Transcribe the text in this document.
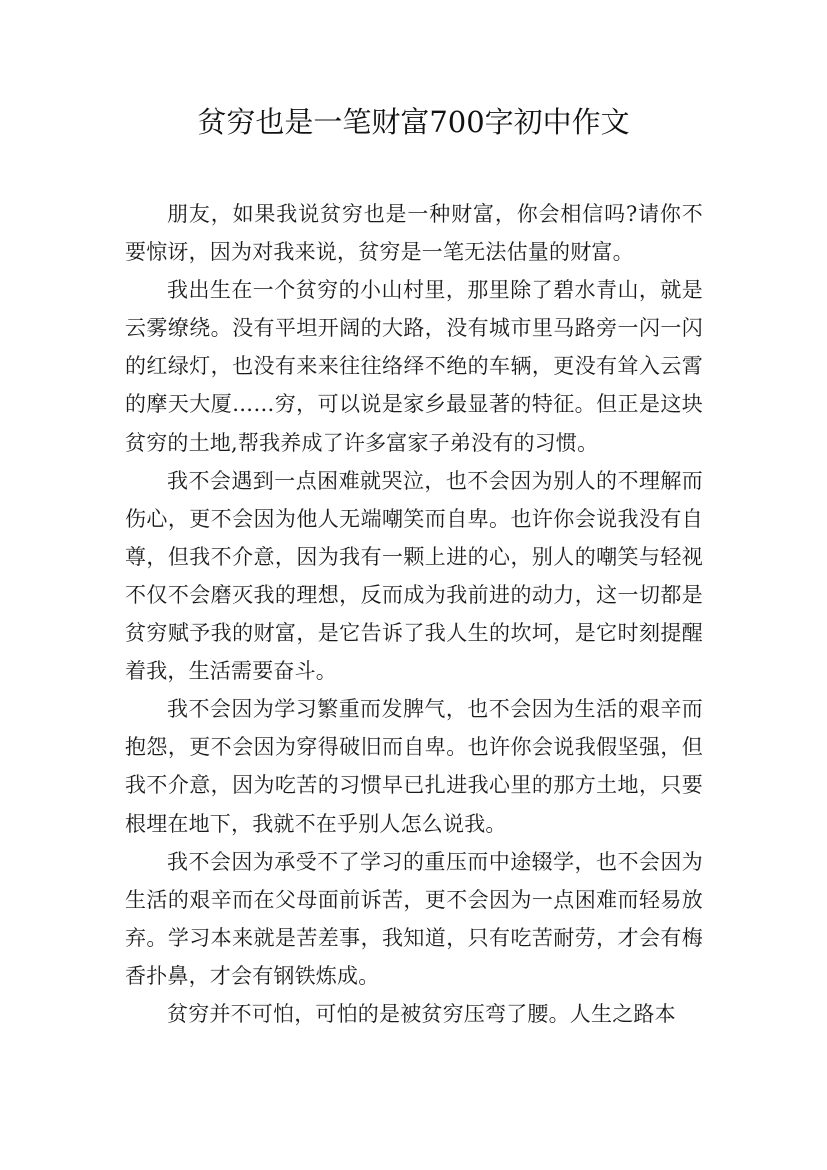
贫穷也是一笔财富700字初中作文

朋友，如果我说贫穷也是一种财富，你会相信吗?请你不要惊讶，因为对我来说，贫穷是一笔无法估量的财富。

我出生在一个贫穷的小山村里，那里除了碧水青山，就是云雾缭绕。没有平坦开阔的大路，没有城市里马路旁一闪一闪的红绿灯，也没有来来往往络绎不绝的车辆，更没有耸入云霄的摩天大厦……穷，可以说是家乡最显著的特征。但正是这块贫穷的土地,帮我养成了许多富家子弟没有的习惯。

我不会遇到一点困难就哭泣，也不会因为别人的不理解而伤心，更不会因为他人无端嘲笑而自卑。也许你会说我没有自尊，但我不介意，因为我有一颗上进的心，别人的嘲笑与轻视不仅不会磨灭我的理想，反而成为我前进的动力，这一切都是贫穷赋予我的财富，是它告诉了我人生的坎坷，是它时刻提醒着我，生活需要奋斗。

我不会因为学习繁重而发脾气，也不会因为生活的艰辛而抱怨，更不会因为穿得破旧而自卑。也许你会说我假坚强，但我不介意，因为吃苦的习惯早已扎进我心里的那方土地，只要根埋在地下，我就不在乎别人怎么说我。

我不会因为承受不了学习的重压而中途辍学，也不会因为生活的艰辛而在父母面前诉苦，更不会因为一点困难而轻易放弃。学习本来就是苦差事，我知道，只有吃苦耐劳，才会有梅香扑鼻，才会有钢铁炼成。

贫穷并不可怕，可怕的是被贫穷压弯了腰。人生之路本
